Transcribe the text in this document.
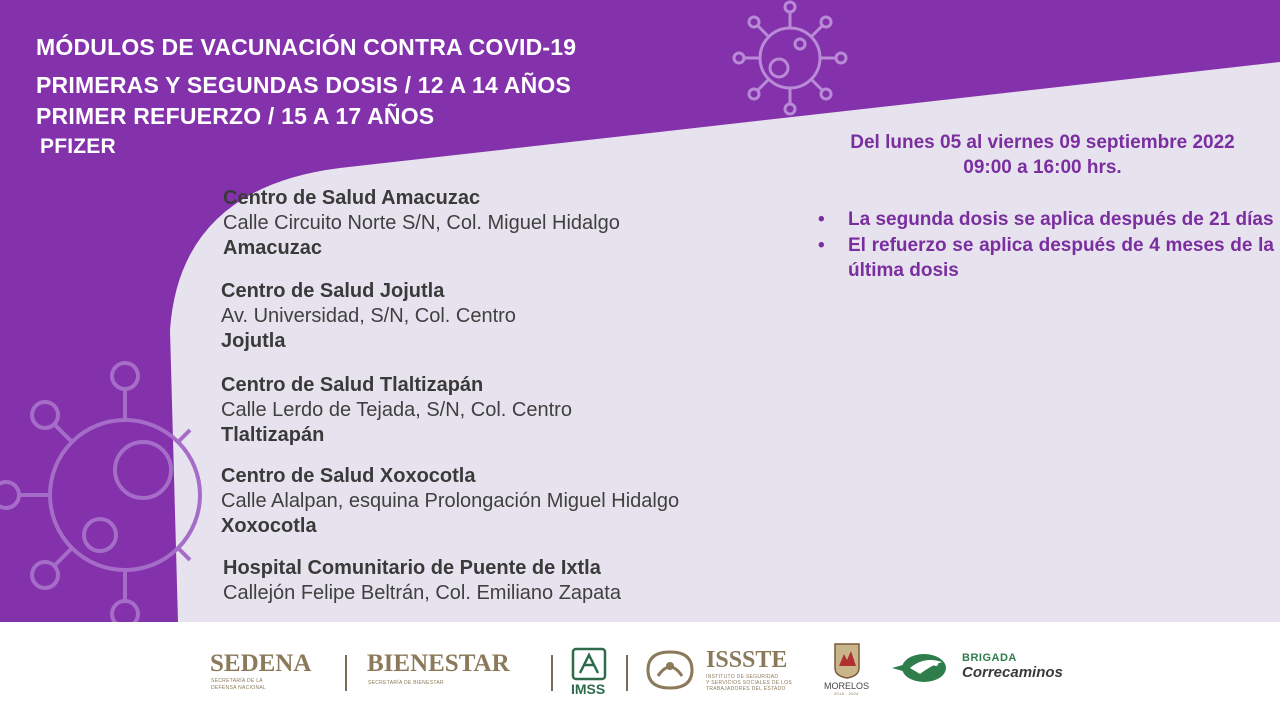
MÓDULOS DE VACUNACIÓN CONTRA COVID-19
PRIMERAS Y SEGUNDAS DOSIS / 12 A 14 AÑOS
PRIMER REFUERZO / 15 A 17 AÑOS
PFIZER
Centro de Salud Amacuzac
Calle Circuito Norte S/N, Col. Miguel Hidalgo
Amacuzac
Centro de Salud Jojutla
Av. Universidad, S/N, Col. Centro
Jojutla
Centro de Salud Tlaltizapán
Calle Lerdo de Tejada, S/N, Col. Centro
Tlaltizapán
Centro de Salud Xoxocotla
Calle Alalpan, esquina Prolongación Miguel Hidalgo
Xoxocotla
Hospital Comunitario de Puente de Ixtla
Callejón Felipe Beltrán, Col. Emiliano Zapata
Del lunes 05 al viernes 09 septiembre 2022
09:00 a 16:00 hrs.
• La segunda dosis se aplica después de 21 días
• El refuerzo se aplica después de 4 meses de la última dosis
SEDENA
SECRETARÍA DE LA
DEFENSA NACIONAL
BIENESTAR
SECRETARÍA DE BIENESTAR	IMSS
ISSSTE
INSTITUTO DE SEGURIDAD
Y SERVICIOS SOCIALES DE LOS
TRABAJADORES DEL ESTADO	MORELOS
2018 - 2024
BRIGADA
Correcaminos
